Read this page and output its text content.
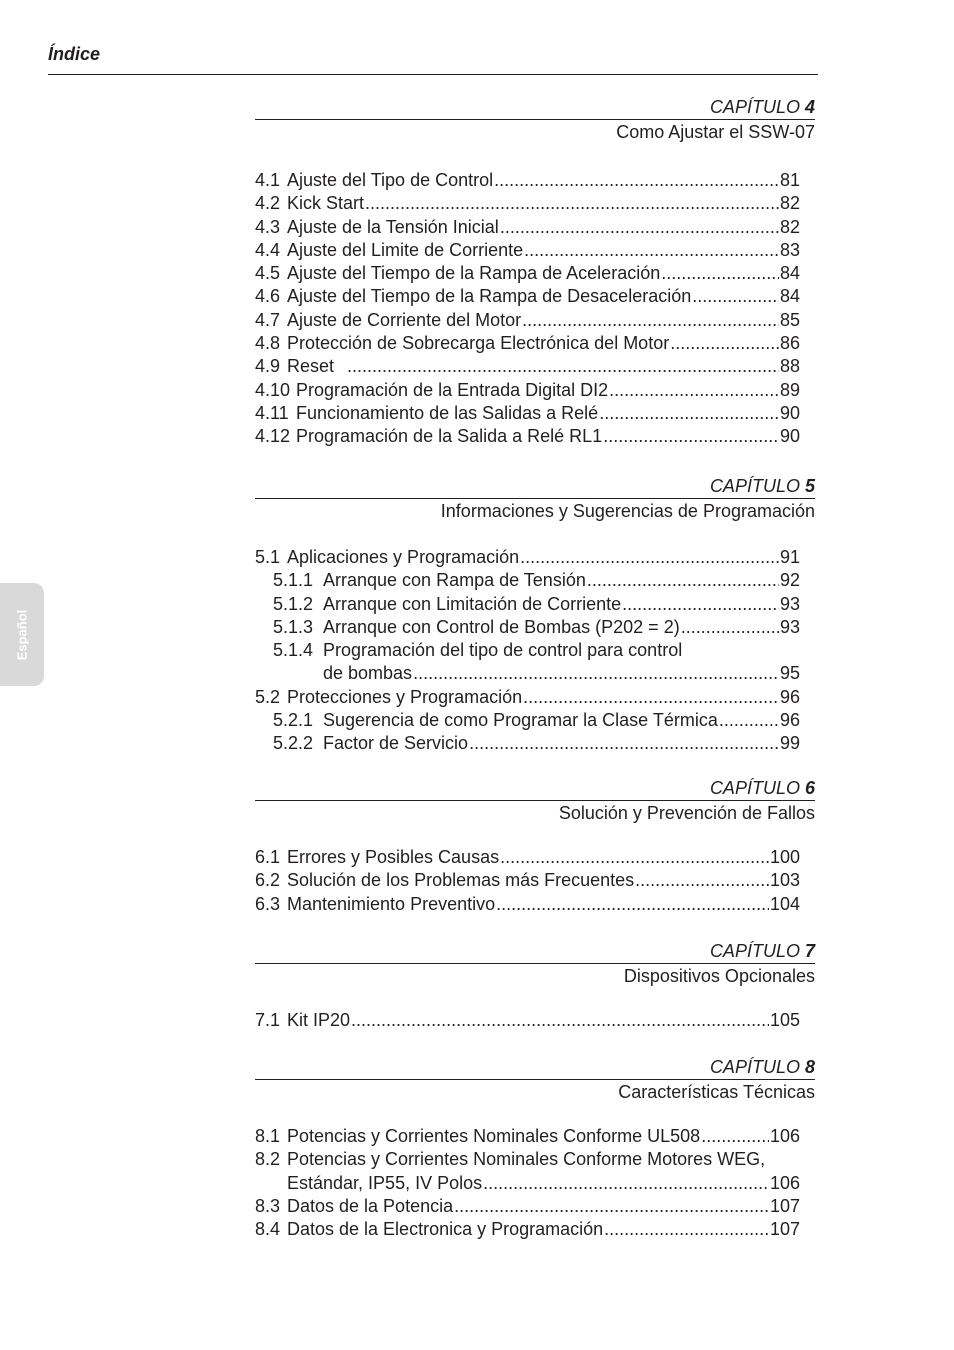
Índice
Español
CAPÍTULO 4
Como Ajustar el SSW-07
4.1 Ajuste del Tipo de Control .....	81
4.2 Kick Start .....	82
4.3 Ajuste de la Tensión Inicial .....	82
4.4 Ajuste del Limite de Corriente .....	83
4.5 Ajuste del Tiempo de la Rampa de Aceleración .....	84
4.6 Ajuste del Tiempo de la Rampa de Desaceleración .....	84
4.7 Ajuste de Corriente del Motor .....	85
4.8 Protección de Sobrecarga Electrónica del Motor .....	86
4.9 Reset .....	88
4.10 Programación de la Entrada Digital DI2 .....	89
4.11 Funcionamiento de las Salidas a Relé .....	90
4.12 Programación de la Salida a Relé RL1 .....	90
CAPÍTULO 5
Informaciones y Sugerencias de Programación
5.1 Aplicaciones y Programación .....	91
5.1.1 Arranque con Rampa de Tensión .....	92
5.1.2 Arranque con Limitación de Corriente .....	93
5.1.3 Arranque con Control de Bombas (P202 = 2) .....	93
5.1.4 Programación del tipo de control para control
de bombas .....	95
5.2 Protecciones y Programación .....	96
5.2.1 Sugerencia de como Programar la Clase Térmica .....	96
5.2.2 Factor de Servicio .....	99
CAPÍTULO 6
Solución y Prevención de Fallos
6.1 Errores y Posibles Causas .....	100
6.2 Solución de los Problemas más Frecuentes .....	103
6.3 Mantenimiento Preventivo .....	104
CAPÍTULO 7
Dispositivos Opcionales
7.1 Kit IP20 .....	105
CAPÍTULO 8
Características Técnicas
8.1 Potencias y Corrientes Nominales Conforme UL508 .....	106
8.2 Potencias y Corrientes Nominales Conforme Motores WEG,
Estándar, IP55, IV Polos .....	106
8.3 Datos de la Potencia .....	107
8.4 Datos de la Electronica y Programación .....	107
